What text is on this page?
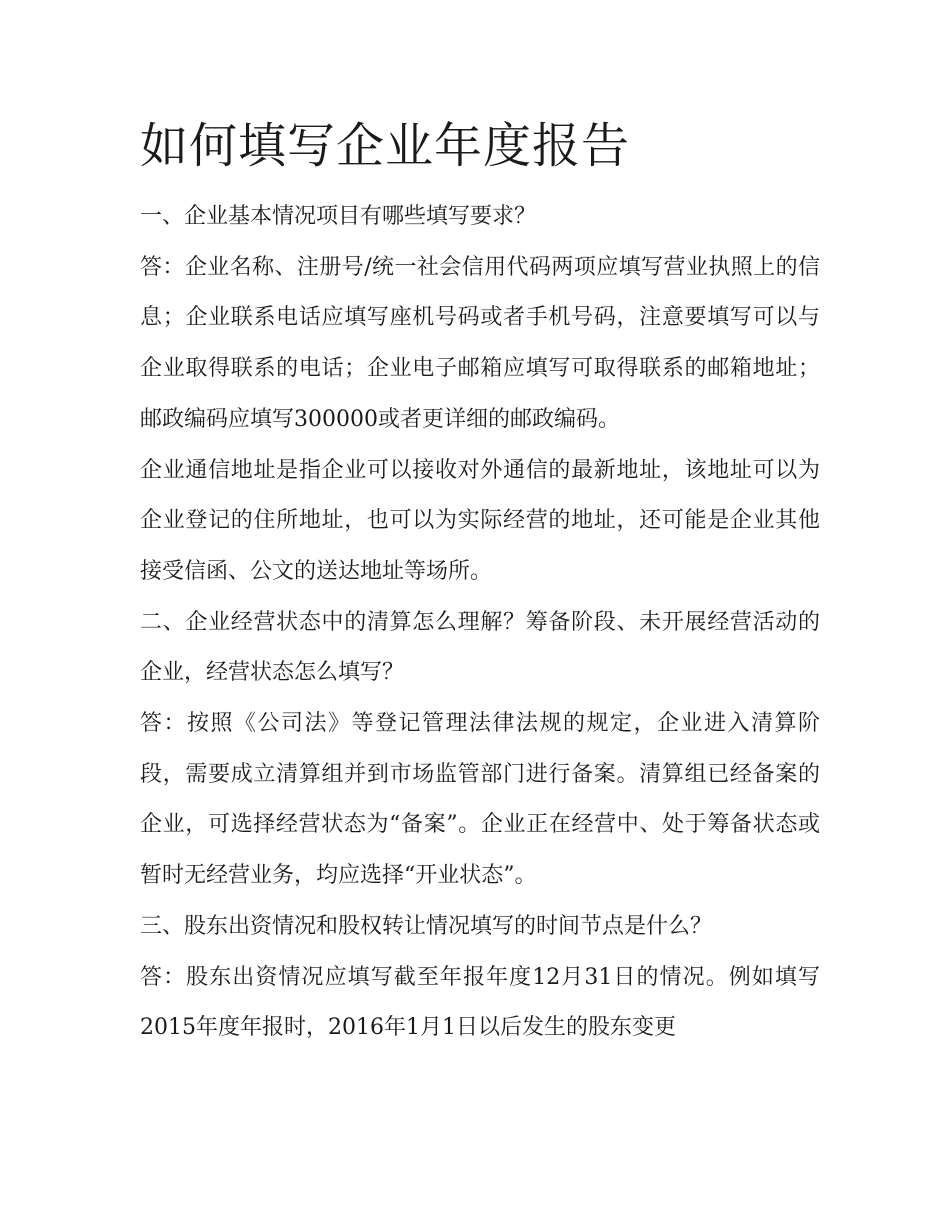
如何填写企业年度报告

一、企业基本情况项目有哪些填写要求？

答：企业名称、注册号/统一社会信用代码两项应填写营业执照上的信息；企业联系电话应填写座机号码或者手机号码，注意要填写可以与企业取得联系的电话；企业电子邮箱应填写可取得联系的邮箱地址；邮政编码应填写300000或者更详细的邮政编码。

企业通信地址是指企业可以接收对外通信的最新地址，该地址可以为企业登记的住所地址，也可以为实际经营的地址，还可能是企业其他接受信函、公文的送达地址等场所。

二、企业经营状态中的清算怎么理解？筹备阶段、未开展经营活动的企业，经营状态怎么填写？

答：按照《公司法》等登记管理法律法规的规定，企业进入清算阶段，需要成立清算组并到市场监管部门进行备案。清算组已经备案的企业，可选择经营状态为“备案”。企业正在经营中、处于筹备状态或暂时无经营业务，均应选择“开业状态”。

三、股东出资情况和股权转让情况填写的时间节点是什么？

答：股东出资情况应填写截至年报年度12月31日的情况。例如填写2015年度年报时，2016年1月1日以后发生的股东变更
